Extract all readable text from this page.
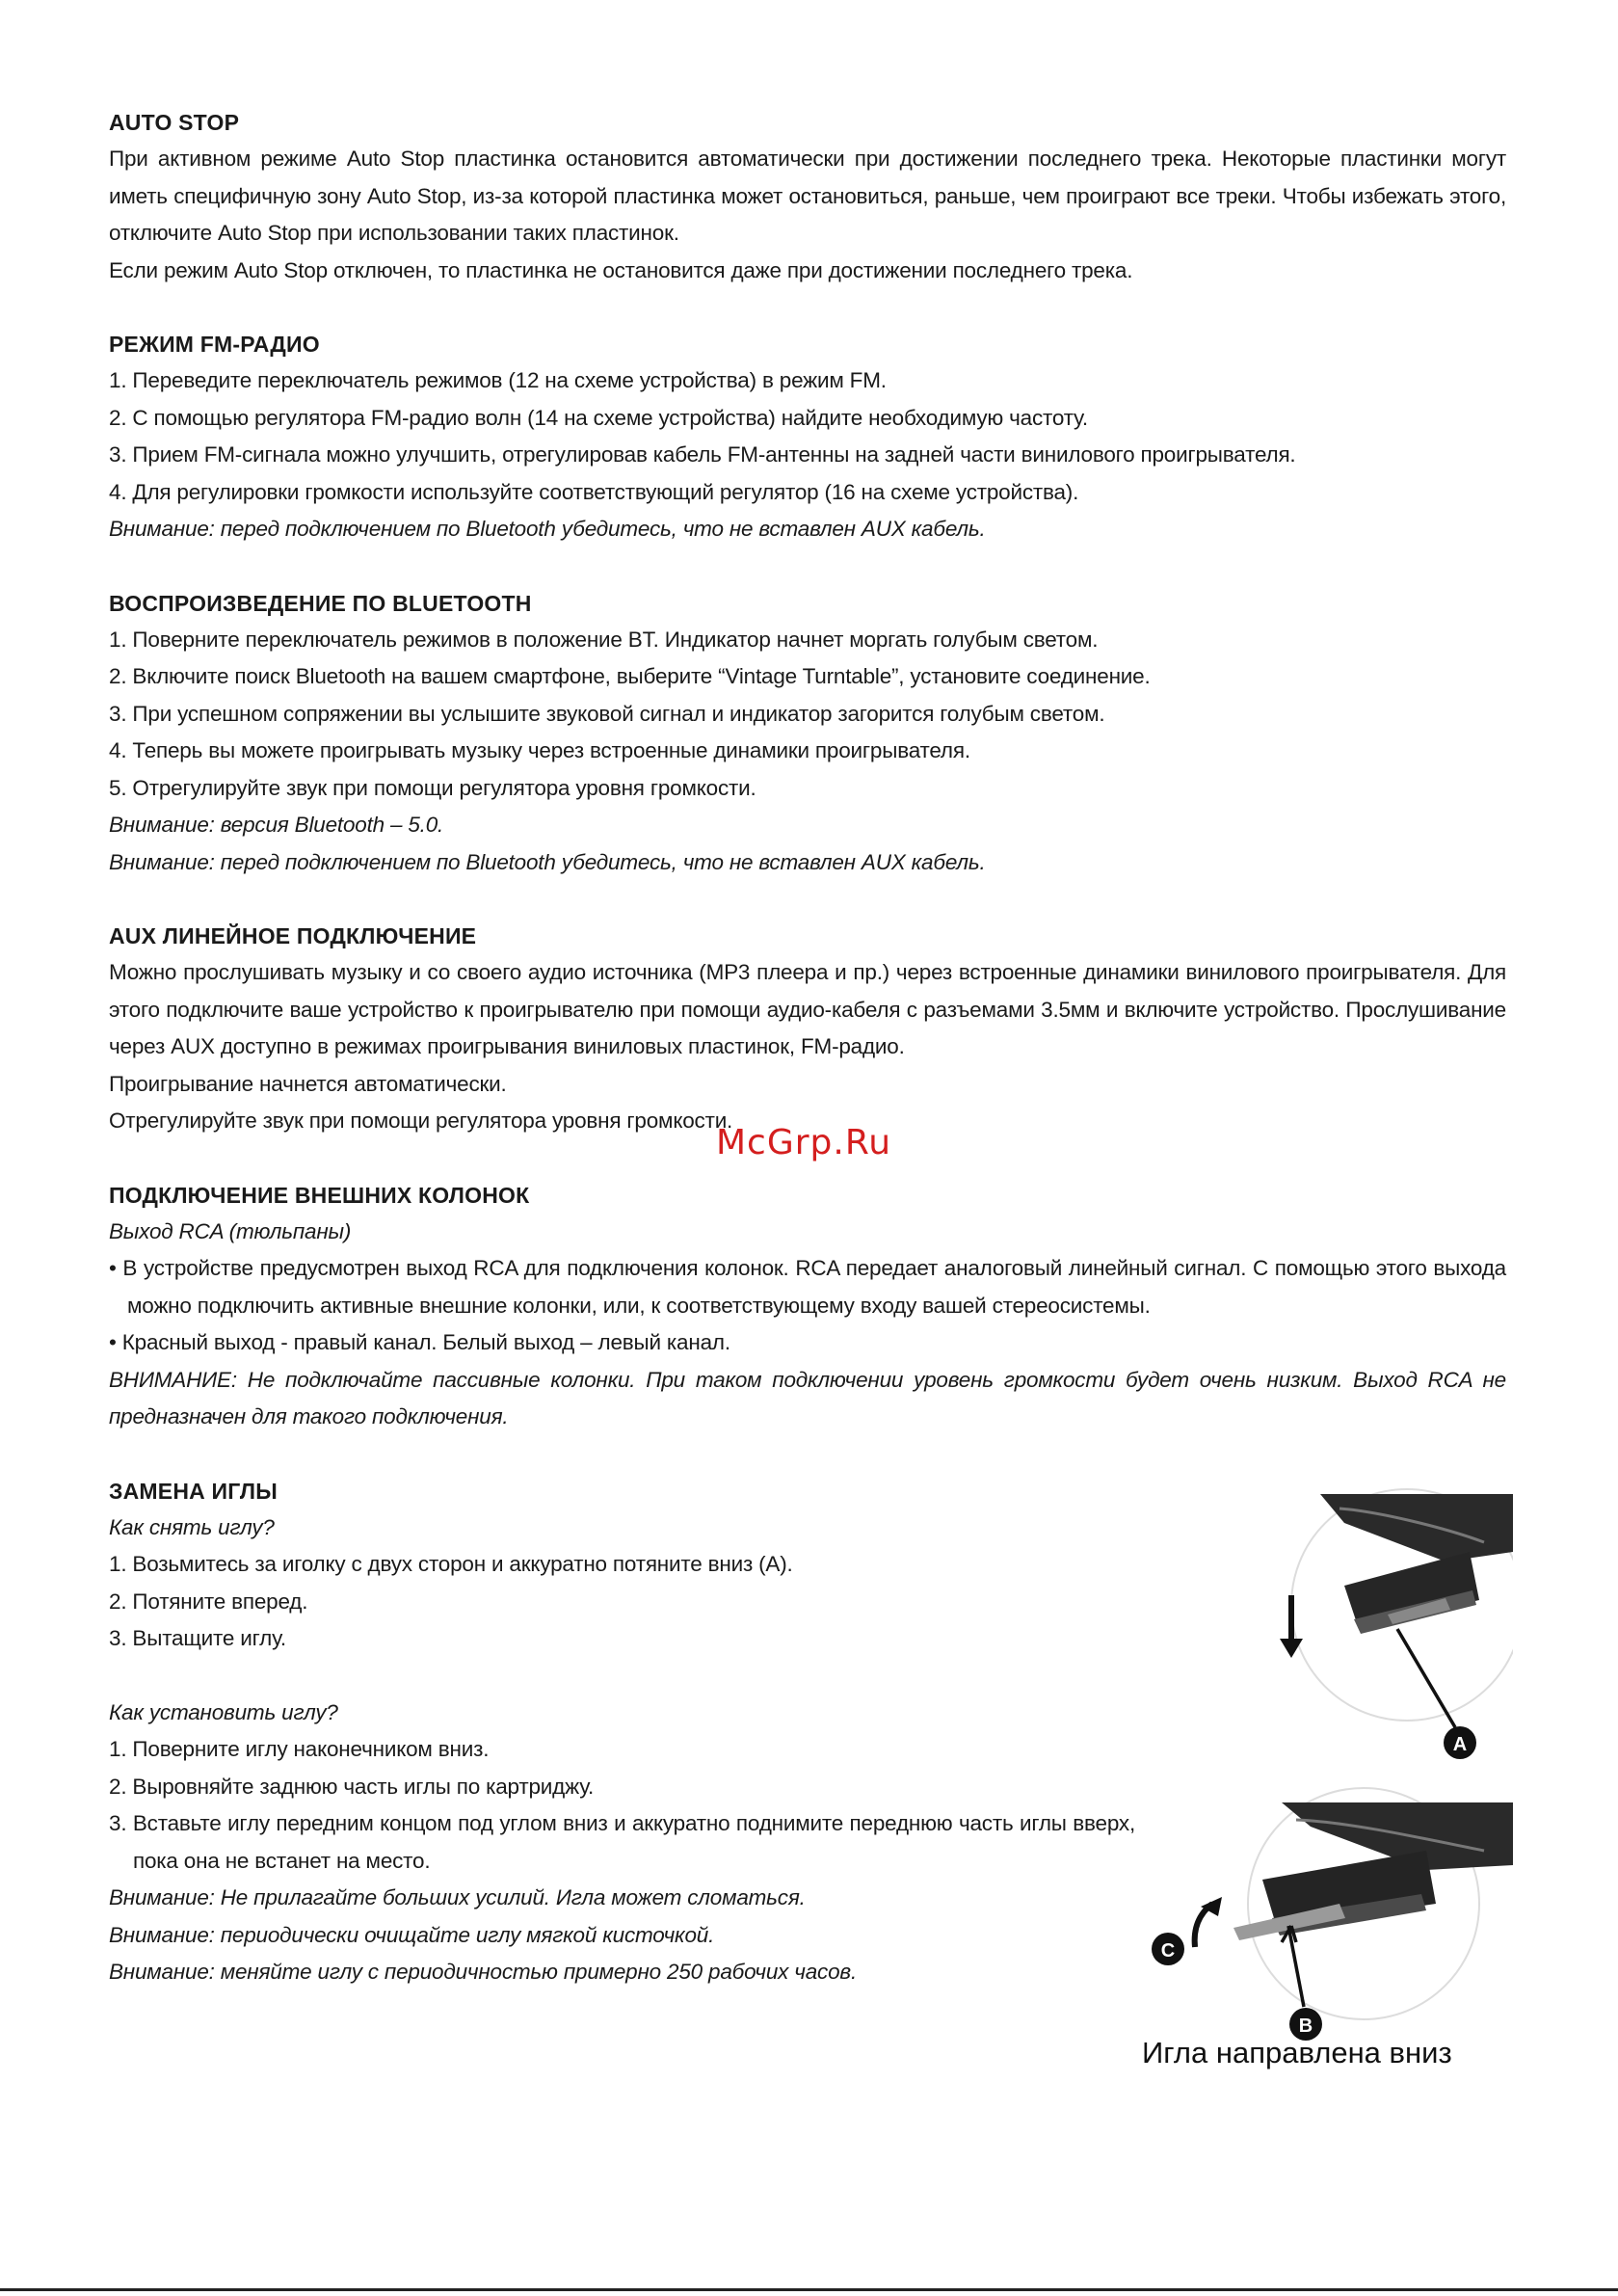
AUTO STOP
При активном режиме Auto Stop пластинка остановится автоматически при достижении последнего трека. Некоторые пластинки могут иметь специфичную зону Auto Stop, из-за которой пластинка может остановиться, раньше, чем проиграют все треки. Чтобы избежать этого, отключите Auto Stop при использовании таких пластинок.
Если режим Auto Stop отключен, то пластинка не остановится даже при достижении последнего трека.
РЕЖИМ FM-РАДИО
1. Переведите переключатель режимов (12 на схеме устройства) в режим FM.
2. С помощью регулятора FM-радио волн (14 на схеме устройства) найдите необходимую частоту.
3. Прием FM-сигнала можно улучшить, отрегулировав кабель FM-антенны на задней части винилового проигрывателя.
4. Для регулировки громкости используйте соответствующий регулятор (16 на схеме устройства).
Внимание: перед подключением по Bluetooth убедитесь, что не вставлен AUX кабель.
ВОСПРОИЗВЕДЕНИЕ ПО BLUETOOTH
1. Поверните переключатель режимов в положение BT. Индикатор начнет моргать голубым светом.
2. Включите поиск Bluetooth на вашем смартфоне, выберите “Vintage Turntable”, установите соединение.
3. При успешном сопряжении вы услышите звуковой сигнал и индикатор загорится голубым светом.
4. Теперь вы можете проигрывать музыку через встроенные динамики проигрывателя.
5. Отрегулируйте звук при помощи регулятора уровня громкости.
Внимание: версия Bluetooth – 5.0.
Внимание: перед подключением по Bluetooth убедитесь, что не вставлен AUX кабель.
AUX ЛИНЕЙНОЕ ПОДКЛЮЧЕНИЕ
Можно прослушивать музыку и со своего аудио источника (МР3 плеера и пр.) через встроенные динамики винилового проигрывателя. Для этого подключите ваше устройство к проигрывателю при помощи аудио-кабеля с разъемами 3.5мм и включите устройство. Прослушивание через AUX доступно в режимах проигрывания виниловых пластинок, FM-радио.
Проигрывание начнется автоматически.
Отрегулируйте звук при помощи регулятора уровня громкости.
ПОДКЛЮЧЕНИЕ ВНЕШНИХ КОЛОНОК
Выход RCA (тюльпаны)
• В устройстве предусмотрен выход RCA для подключения колонок. RCA передает аналоговый линейный сигнал. С помощью этого выхода можно подключить активные внешние колонки, или, к соответствующему входу вашей стереосистемы.
• Красный выход - правый канал. Белый выход – левый канал.
ВНИМАНИЕ: Не подключайте пассивные колонки. При таком подключении уровень громкости будет очень низким. Выход RCA не предназначен для такого подключения.
ЗАМЕНА ИГЛЫ
Как снять иглу?
1. Возьмитесь за иголку с двух сторон и аккуратно потяните вниз (А).
2. Потяните вперед.
3. Вытащите иглу.
Как установить иглу?
1. Поверните иглу наконечником вниз.
2. Выровняйте заднюю часть иглы по картриджу.
3. Вставьте иглу передним концом под углом вниз и аккуратно поднимите переднюю часть иглы вверх, пока она не встанет на место.
Внимание: Не прилагайте больших усилий. Игла может сломаться.
Внимание: периодически очищайте иглу мягкой кисточкой.
Внимание: меняйте иглу с периодичностью примерно 250 рабочих часов.
McGrp.Ru
A
C
B
Игла направлена вниз
